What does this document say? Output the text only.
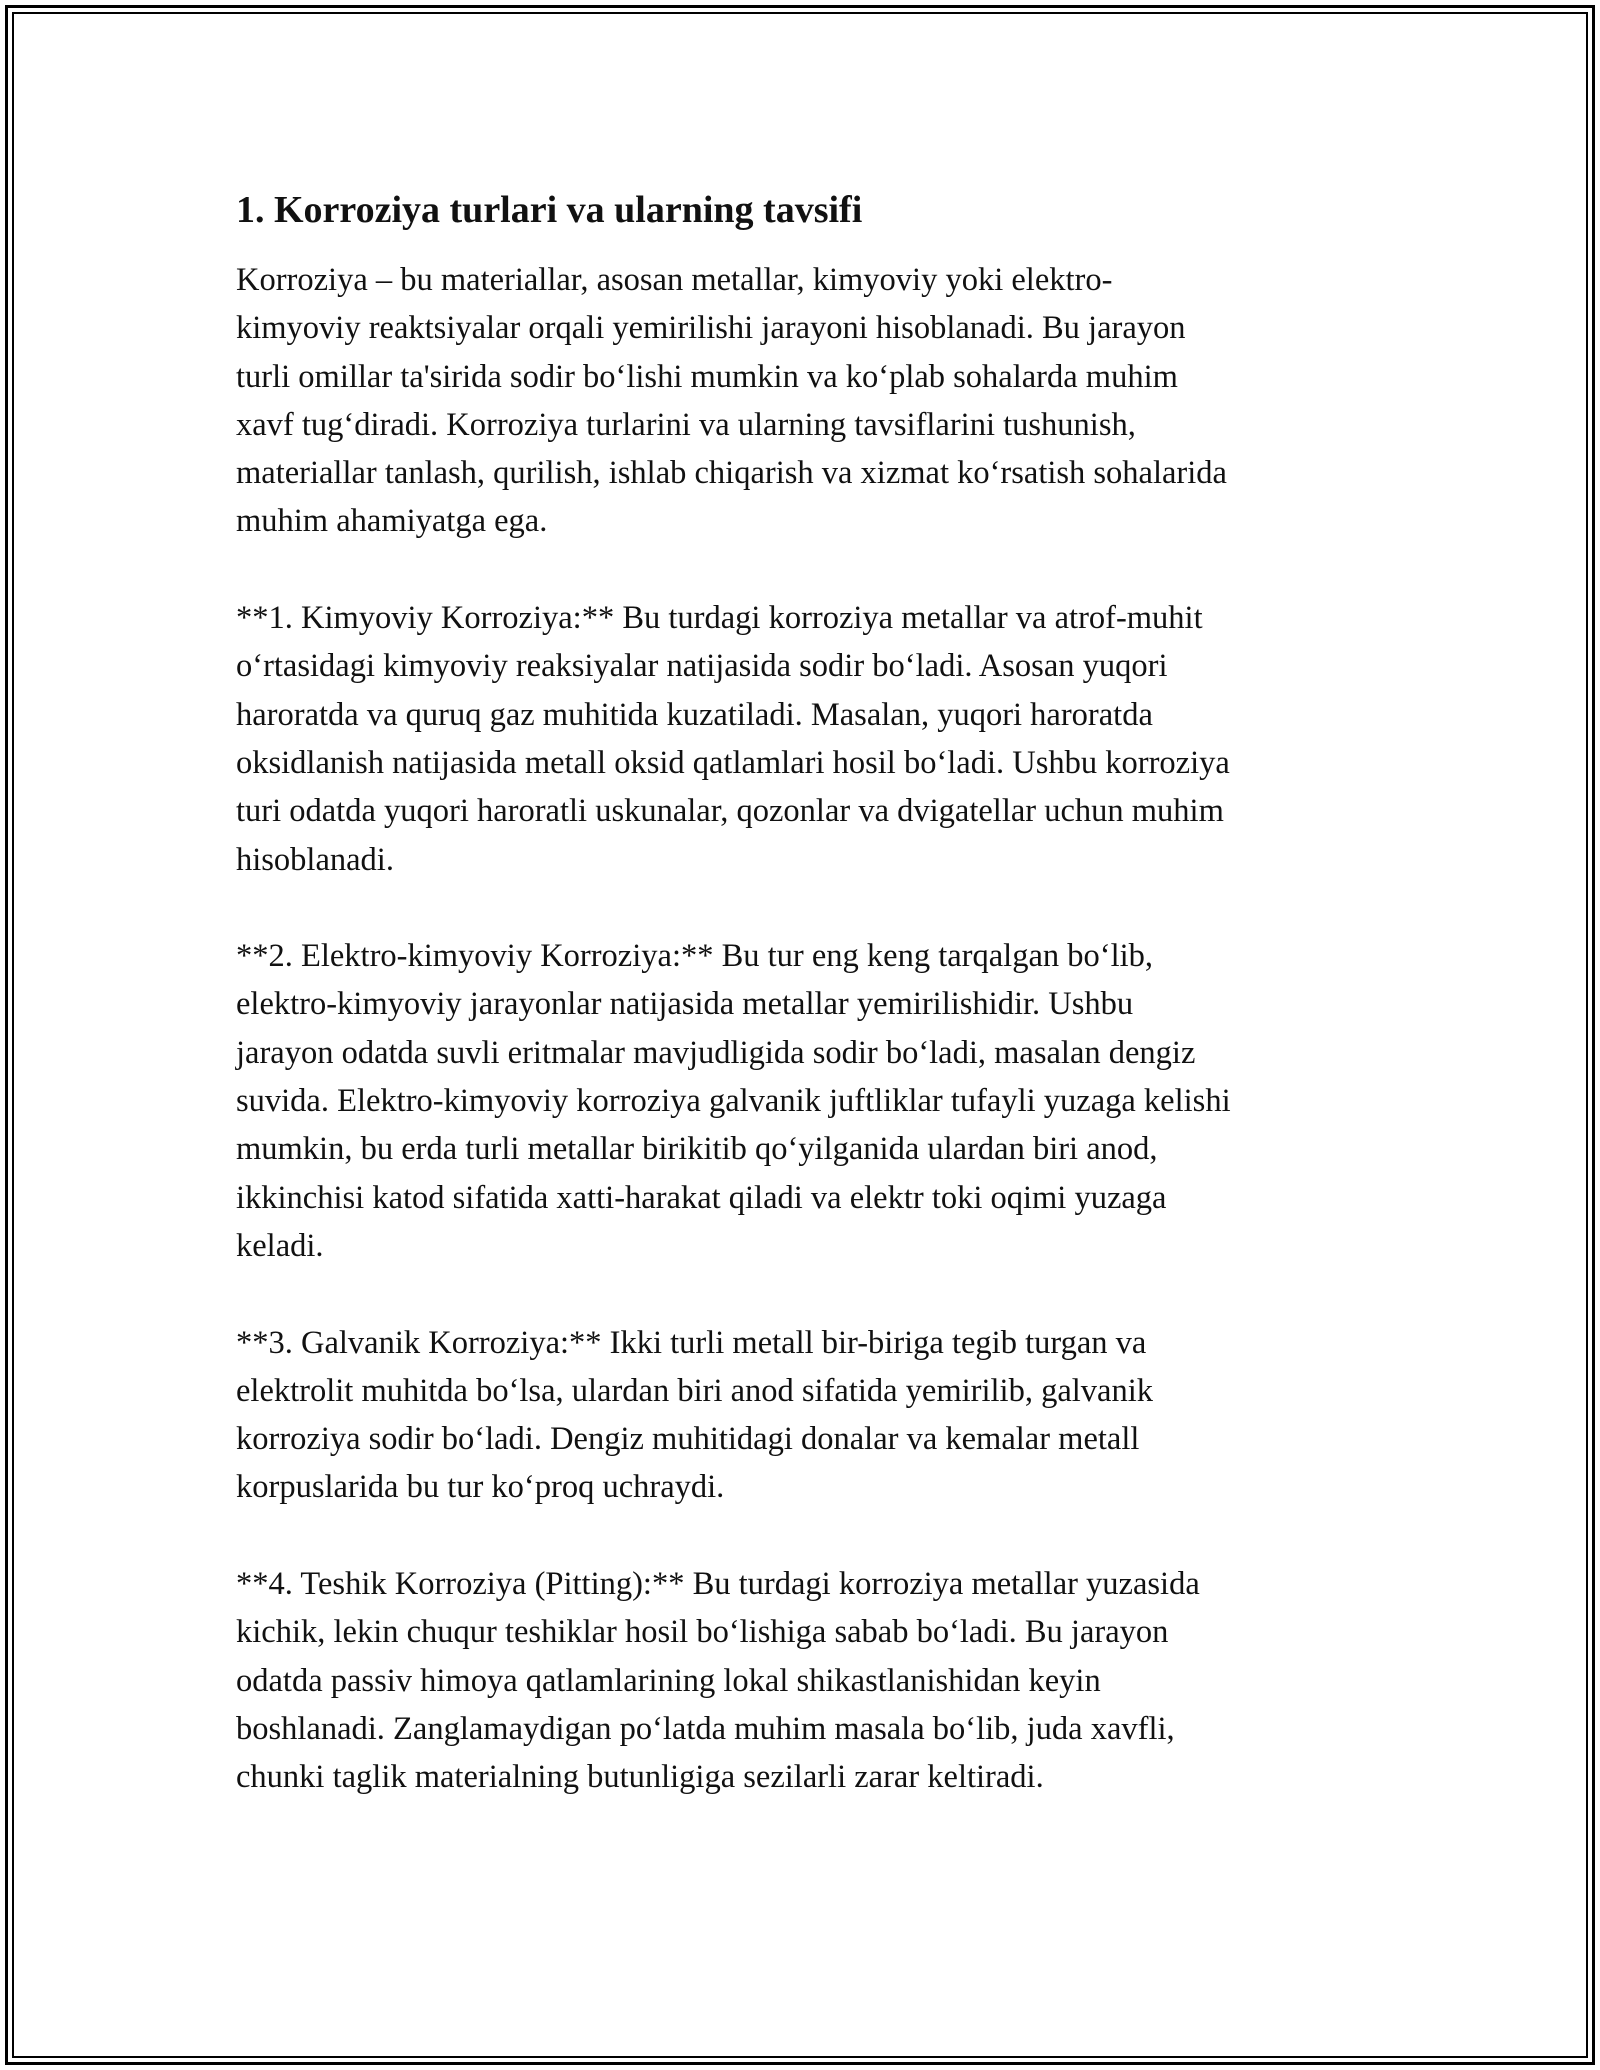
1. Korroziya turlari va ularning tavsifi
Korroziya – bu materiallar, asosan metallar, kimyoviy yoki elektro-
kimyoviy reaktsiyalar orqali yemirilishi jarayoni hisoblanadi. Bu jarayon
turli omillar ta'sirida sodir bo‘lishi mumkin va ko‘plab sohalarda muhim
xavf tug‘diradi. Korroziya turlarini va ularning tavsiflarini tushunish,
materiallar tanlash, qurilish, ishlab chiqarish va xizmat ko‘rsatish sohalarida
muhim ahamiyatga ega.
**1. Kimyoviy Korroziya:** Bu turdagi korroziya metallar va atrof-muhit
o‘rtasidagi kimyoviy reaksiyalar natijasida sodir bo‘ladi. Asosan yuqori
haroratda va quruq gaz muhitida kuzatiladi. Masalan, yuqori haroratda
oksidlanish natijasida metall oksid qatlamlari hosil bo‘ladi. Ushbu korroziya
turi odatda yuqori haroratli uskunalar, qozonlar va dvigatellar uchun muhim
hisoblanadi.
**2. Elektro-kimyoviy Korroziya:** Bu tur eng keng tarqalgan bo‘lib,
elektro-kimyoviy jarayonlar natijasida metallar yemirilishidir. Ushbu
jarayon odatda suvli eritmalar mavjudligida sodir bo‘ladi, masalan dengiz
suvida. Elektro-kimyoviy korroziya galvanik juftliklar tufayli yuzaga kelishi
mumkin, bu erda turli metallar birikitib qo‘yilganida ulardan biri anod,
ikkinchisi katod sifatida xatti-harakat qiladi va elektr toki oqimi yuzaga
keladi.
**3. Galvanik Korroziya:** Ikki turli metall bir-biriga tegib turgan va
elektrolit muhitda bo‘lsa, ulardan biri anod sifatida yemirilib, galvanik
korroziya sodir bo‘ladi. Dengiz muhitidagi donalar va kemalar metall
korpuslarida bu tur ko‘proq uchraydi.
**4. Teshik Korroziya (Pitting):** Bu turdagi korroziya metallar yuzasida
kichik, lekin chuqur teshiklar hosil bo‘lishiga sabab bo‘ladi. Bu jarayon
odatda passiv himoya qatlamlarining lokal shikastlanishidan keyin
boshlanadi. Zanglamaydigan po‘latda muhim masala bo‘lib, juda xavfli,
chunki taglik materialning butunligiga sezilarli zarar keltiradi.
